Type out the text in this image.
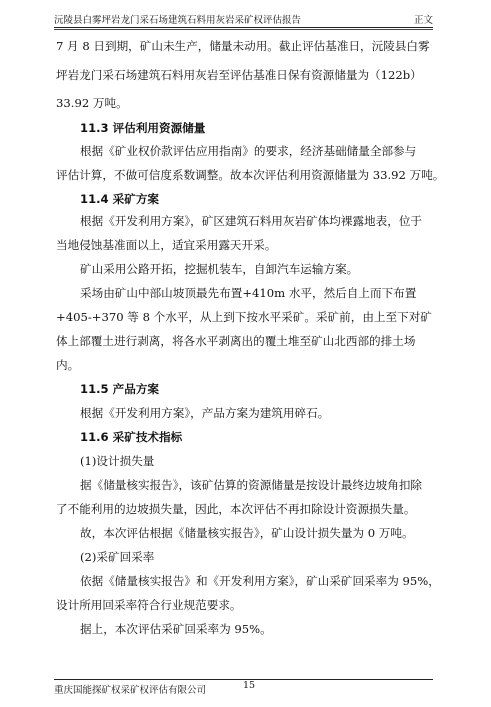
沅陵县白雾坪岩龙门采石场建筑石料用灰岩采矿权评估报告	正文
7 月 8 日到期，矿山未生产，储量未动用。截止评估基准日，沅陵县白雾
坪岩龙门采石场建筑石料用灰岩至评估基准日保有资源储量为（122b）
33.92 万吨。
11.3 评估利用资源储量
根据《矿业权价款评估应用指南》的要求，经济基础储量全部参与
评估计算，不做可信度系数调整。故本次评估利用资源储量为 33.92 万吨。
11.4 采矿方案
根据《开发利用方案》，矿区建筑石料用灰岩矿体均裸露地表，位于
当地侵蚀基准面以上，适宜采用露天开采。
矿山采用公路开拓，挖掘机装车，自卸汽车运输方案。
采场由矿山中部山坡顶最先布置+410m 水平，然后自上而下布置
+405-+370 等 8 个水平，从上到下按水平采矿。采矿前，由上至下对矿
体上部覆土进行剥离，将各水平剥离出的覆土堆至矿山北西部的排土场
内。
11.5 产品方案
根据《开发利用方案》，产品方案为建筑用碎石。
11.6 采矿技术指标
(1)设计损失量
据《储量核实报告》，该矿估算的资源储量是按设计最终边坡角扣除
了不能利用的边坡损失量，因此，本次评估不再扣除设计资源损失量。
故，本次评估根据《储量核实报告》，矿山设计损失量为 0 万吨。
(2)采矿回采率
依据《储量核实报告》和《开发利用方案》，矿山采矿回采率为 95%，
设计所用回采率符合行业规范要求。
据上，本次评估采矿回采率为 95%。
重庆国能探矿权采矿权评估有限公司	15
